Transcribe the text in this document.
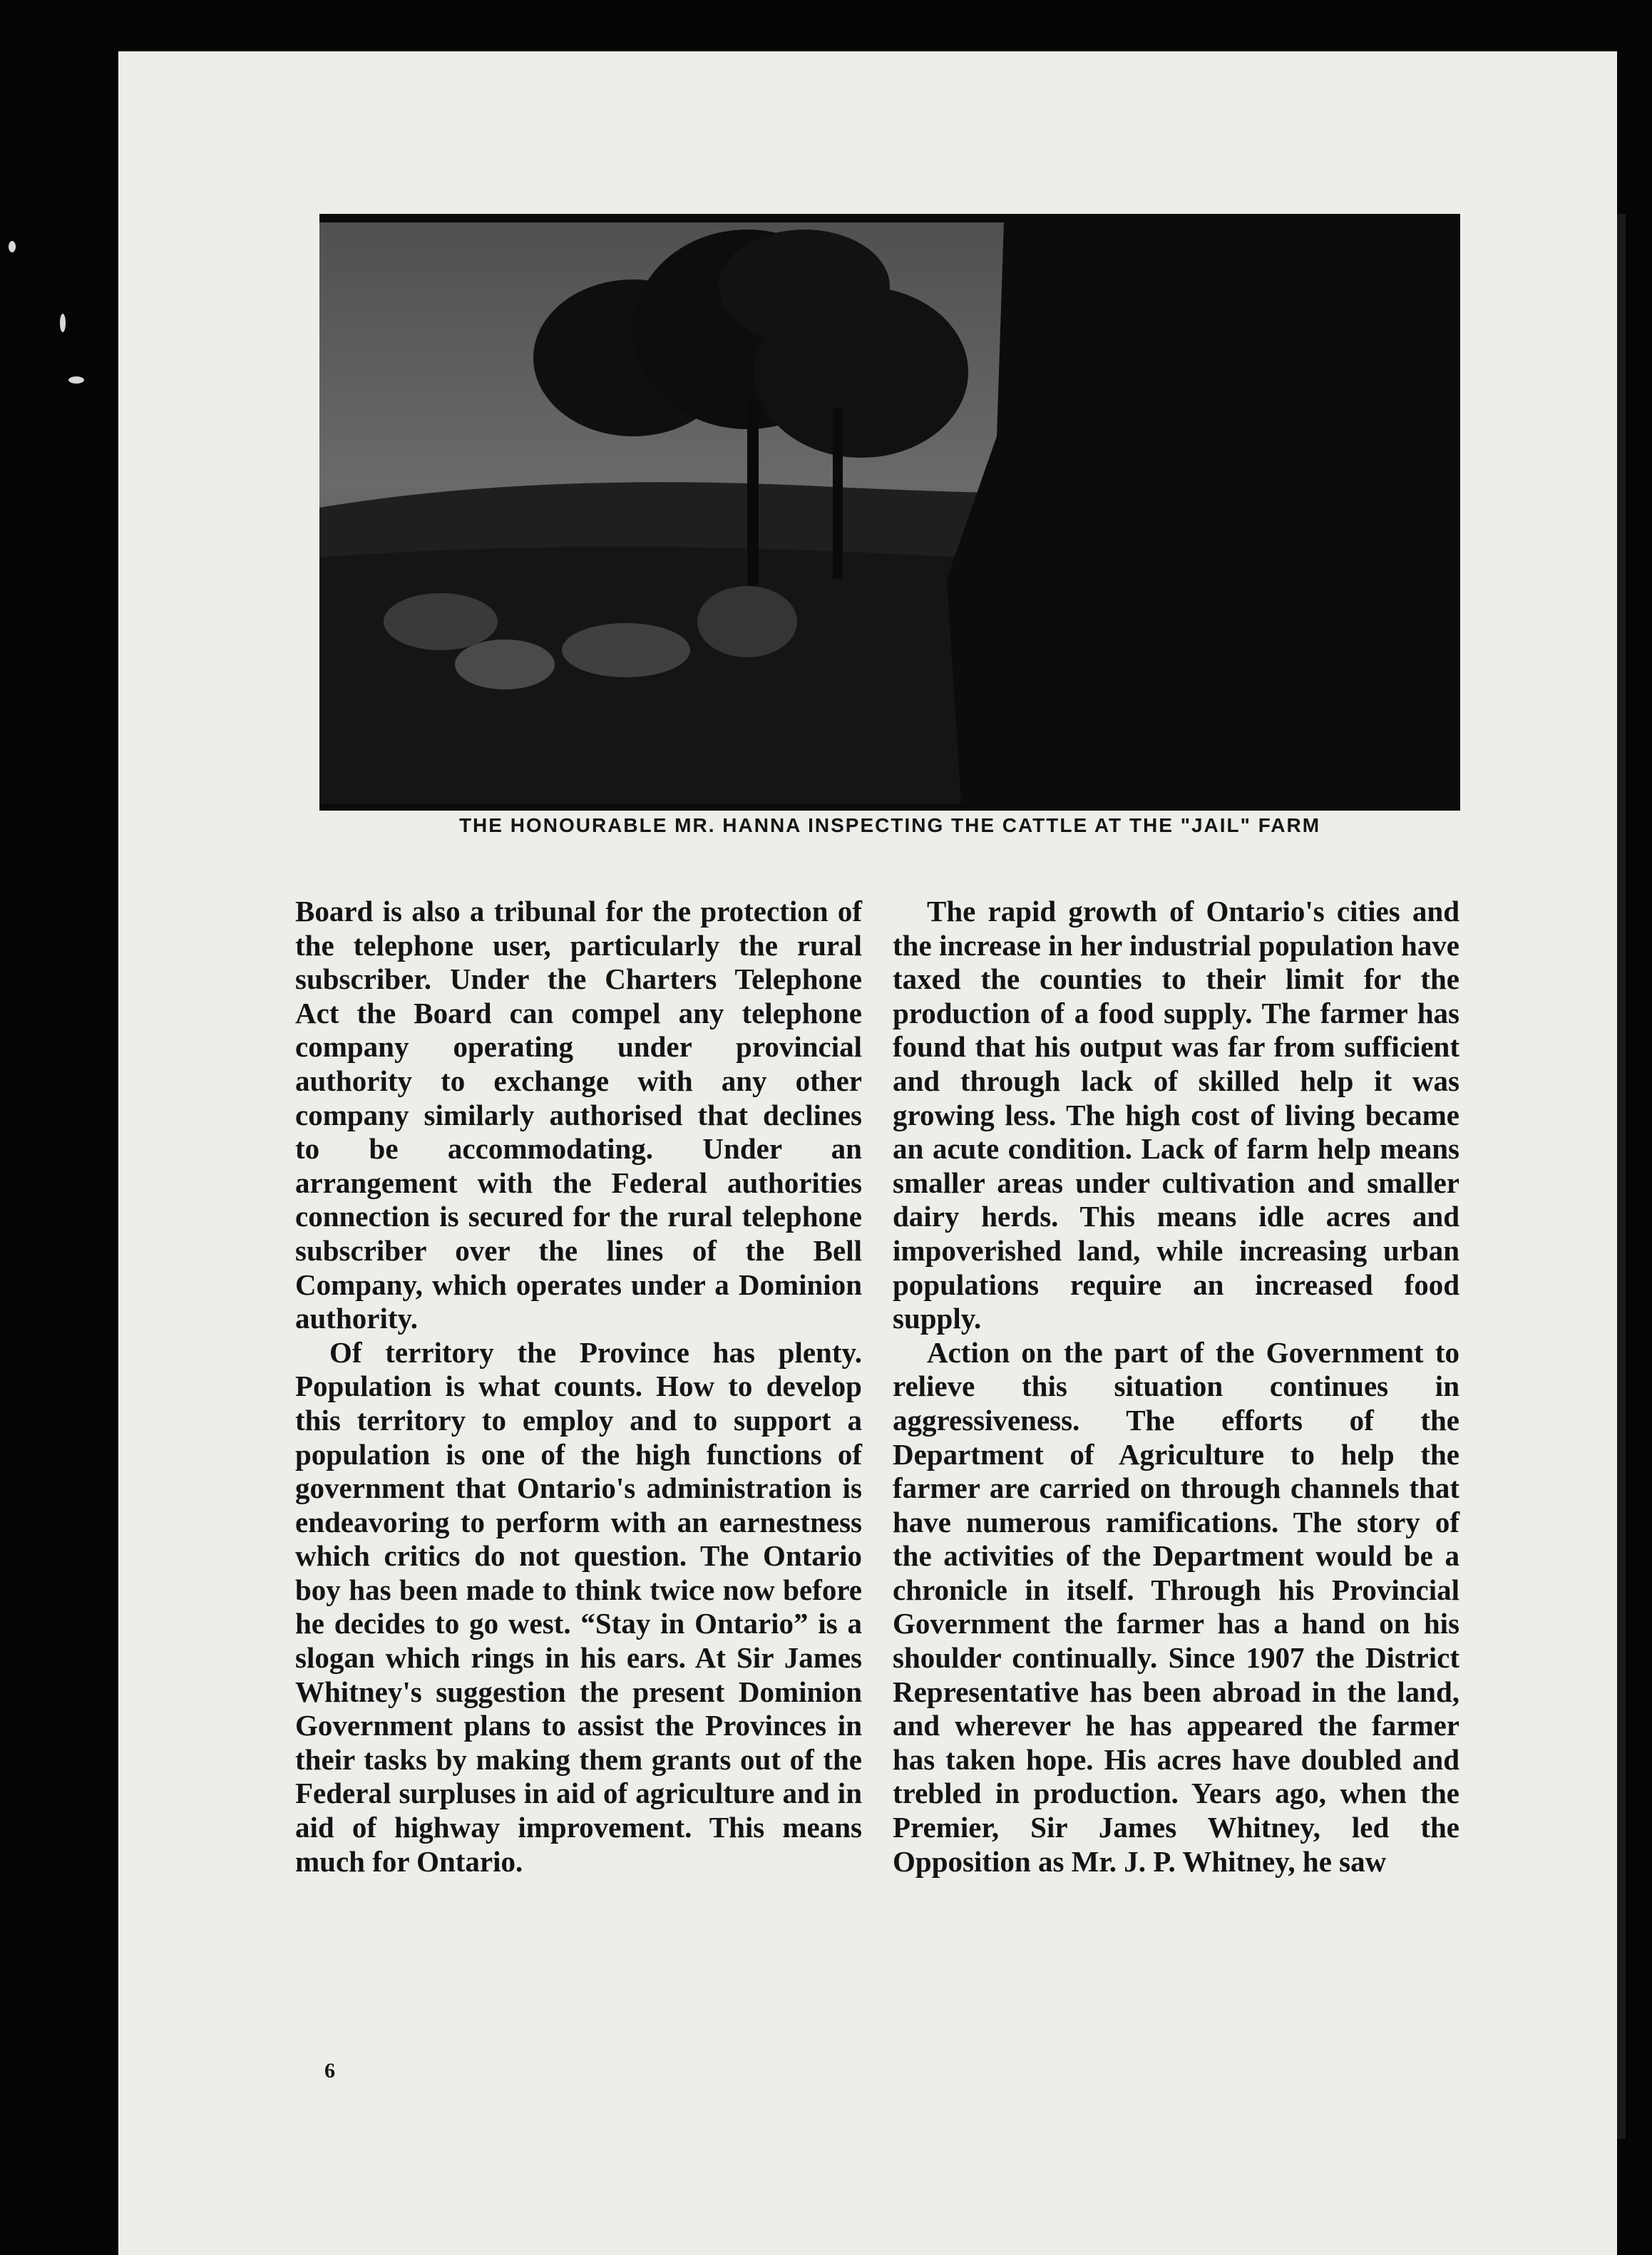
THE HONOURABLE MR. HANNA INSPECTING THE CATTLE AT THE "JAIL" FARM

Board is also a tribunal for the protection of the telephone user, particularly the rural subscriber. Under the Charters Telephone Act the Board can compel any telephone company operating under provincial authority to exchange with any other company similarly authorised that declines to be accommodating. Under an arrangement with the Federal authorities connection is secured for the rural telephone subscriber over the lines of the Bell Company, which operates under a Dominion authority.

Of territory the Province has plenty. Population is what counts. How to develop this territory to employ and to support a population is one of the high functions of government that Ontario's administration is endeavoring to perform with an earnestness which critics do not question. The Ontario boy has been made to think twice now before he decides to go west. “Stay in Ontario” is a slogan which rings in his ears. At Sir James Whitney's suggestion the present Dominion Government plans to assist the Provinces in their tasks by making them grants out of the Federal surpluses in aid of agriculture and in aid of highway improvement. This means much for Ontario.

The rapid growth of Ontario's cities and the increase in her industrial population have taxed the counties to their limit for the production of a food supply. The farmer has found that his output was far from sufficient and through lack of skilled help it was growing less. The high cost of living became an acute condition. Lack of farm help means smaller areas under cultivation and smaller dairy herds. This means idle acres and impoverished land, while increasing urban populations require an increased food supply.

Action on the part of the Government to relieve this situation continues in aggressiveness. The efforts of the Department of Agriculture to help the farmer are carried on through channels that have numerous ramifications. The story of the activities of the Department would be a chronicle in itself. Through his Provincial Government the farmer has a hand on his shoulder continually. Since 1907 the District Representative has been abroad in the land, and wherever he has appeared the farmer has taken hope. His acres have doubled and trebled in production. Years ago, when the Premier, Sir James Whitney, led the Opposition as Mr. J. P. Whitney, he saw

6
